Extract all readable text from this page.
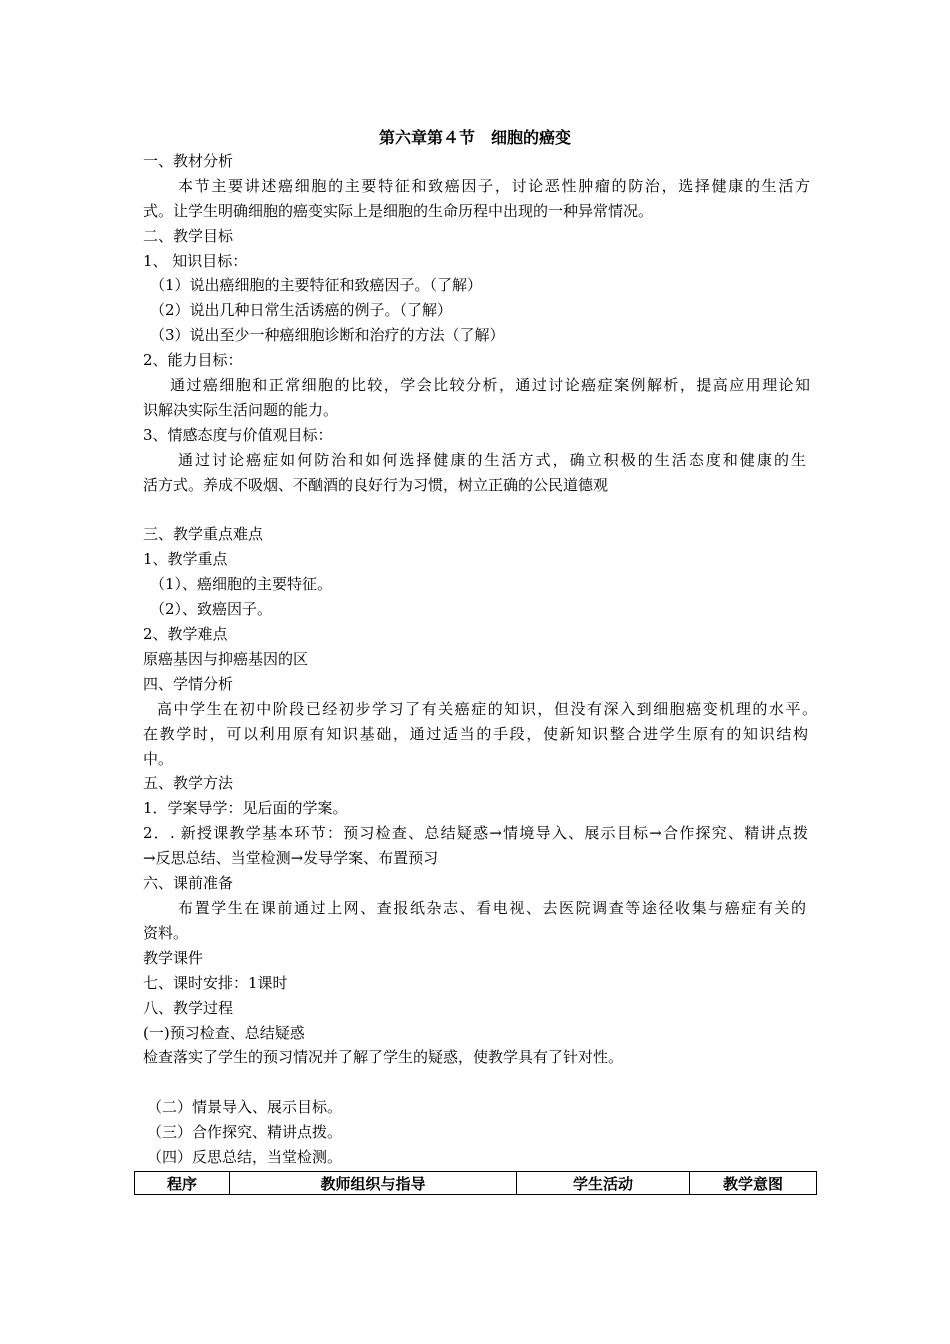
第六章第４节　细胞的癌变
一、教材分析
本节主要讲述癌细胞的主要特征和致癌因子，讨论恶性肿瘤的防治，选择健康的生活方
式。让学生明确细胞的癌变实际上是细胞的生命历程中出现的一种异常情况。
二、教学目标
1、 知识目标：
（1）说出癌细胞的主要特征和致癌因子。（了解）
（2）说出几种日常生活诱癌的例子。（了解）
（3）说出至少一种癌细胞诊断和治疗的方法（了解）
2、能力目标：
通过癌细胞和正常细胞的比较，学会比较分析，通过讨论癌症案例解析，提高应用理论知
识解决实际生活问题的能力。
3、情感态度与价值观目标：
通过讨论癌症如何防治和如何选择健康的生活方式，确立积极的生活态度和健康的生
活方式。养成不吸烟、不酗酒的良好行为习惯，树立正确的公民道德观
三、教学重点难点
1、教学重点
（1）、癌细胞的主要特征。
（2）、致癌因子。
2、教学难点
原癌基因与抑癌基因的区
四、学情分析
高中学生在初中阶段已经初步学习了有关癌症的知识，但没有深入到细胞癌变机理的水平。
在教学时，可以利用原有知识基础，通过适当的手段，使新知识整合进学生原有的知识结构
中。
五、教学方法
1．学案导学：见后面的学案。
2．. 新授课教学基本环节：预习检查、总结疑惑→情境导入、展示目标→合作探究、精讲点拨
→反思总结、当堂检测→发导学案、布置预习
六、课前准备
布置学生在课前通过上网、查报纸杂志、看电视、去医院调查等途径收集与癌症有关的
资料。
教学课件
七、课时安排：1课时
八、教学过程
(一)预习检查、总结疑惑
检查落实了学生的预习情况并了解了学生的疑惑，使教学具有了针对性。
（二）情景导入、展示目标。
（三）合作探究、精讲点拨。
（四）反思总结，当堂检测。
程序	教师组织与指导	学生活动	教学意图
